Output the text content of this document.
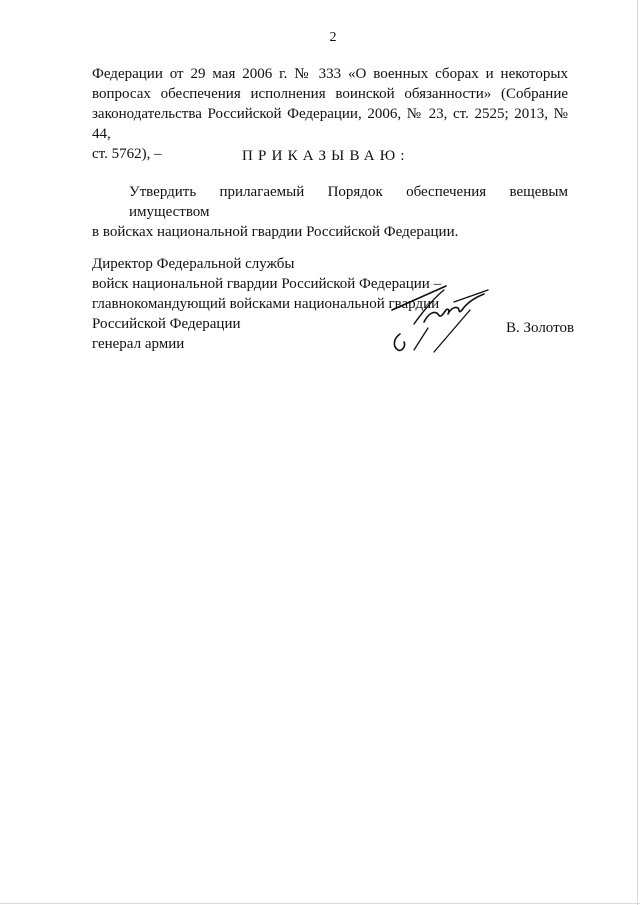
2
Федерации от 29 мая 2006 г. № 333 «О военных сборах и некоторых
вопросах обеспечения исполнения воинской обязанности» (Собрание
законодательства Российской Федерации, 2006, № 23, ст. 2525; 2013, № 44,
ст. 5762), –	ПРИКАЗЫВАЮ:
Утвердить прилагаемый Порядок обеспечения вещевым имуществом
в войсках национальной гвардии Российской Федерации.
Директор Федеральной службы
войск национальной гвардии Российской Федерации –
главнокомандующий войсками национальной гвардии
Российской Федерации
генерал армии
В. Золотов
